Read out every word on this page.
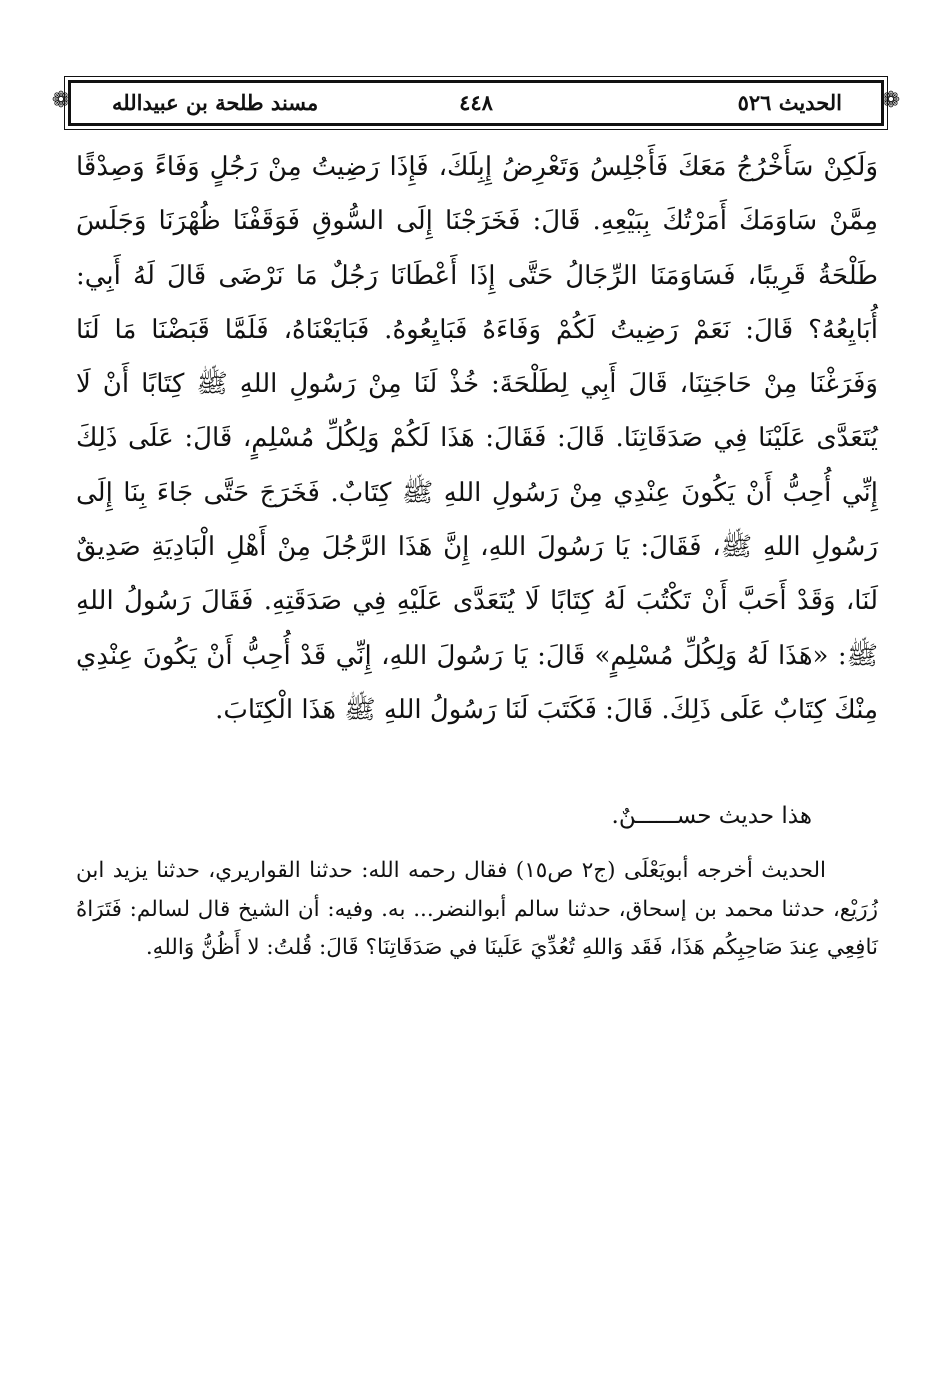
❁	❁
الحديث ٥٢٦
٤٤٨
مسند طلحة بن عبيدالله

وَلَكِنْ سَأَخْرُجُ مَعَكَ فَأَجْلِسُ وَتَعْرِضُ إِبِلَكَ، فَإِذَا رَضِيتُ مِنْ رَجُلٍ وَفَاءً وَصِدْقًا مِمَّنْ سَاوَمَكَ أَمَرْتُكَ بِبَيْعِهِ. قَالَ: فَخَرَجْنَا إِلَى السُّوقِ فَوَقَفْنَا ظُهْرَنَا وَجَلَسَ طَلْحَةُ قَرِيبًا، فَسَاوَمَنَا الرِّجَالُ حَتَّى إِذَا أَعْطَانَا رَجُلٌ مَا نَرْضَى قَالَ لَهُ أَبِي: أُبَايِعُهُ؟ قَالَ: نَعَمْ رَضِيتُ لَكُمْ وَفَاءَهُ فَبَايِعُوهُ. فَبَايَعْنَاهُ، فَلَمَّا قَبَضْنَا مَا لَنَا وَفَرَغْنَا مِنْ حَاجَتِنَا، قَالَ أَبِي لِطَلْحَةَ: خُذْ لَنَا مِنْ رَسُولِ اللهِ ﷺ كِتَابًا أَنْ لَا يُتَعَدَّى عَلَيْنَا فِي صَدَقَاتِنَا. قَالَ: فَقَالَ: هَذَا لَكُمْ وَلِكُلِّ مُسْلِمٍ، قَالَ: عَلَى ذَلِكَ إِنِّي أُحِبُّ أَنْ يَكُونَ عِنْدِي مِنْ رَسُولِ اللهِ ﷺ كِتَابٌ. فَخَرَجَ حَتَّى جَاءَ بِنَا إِلَى رَسُولِ اللهِ ﷺ، فَقَالَ: يَا رَسُولَ اللهِ، إِنَّ هَذَا الرَّجُلَ مِنْ أَهْلِ الْبَادِيَةِ صَدِيقٌ لَنَا، وَقَدْ أَحَبَّ أَنْ تَكْتُبَ لَهُ كِتَابًا لَا يُتَعَدَّى عَلَيْهِ فِي صَدَقَتِهِ. فَقَالَ رَسُولُ اللهِ ﷺ: «هَذَا لَهُ وَلِكُلِّ مُسْلِمٍ» قَالَ: يَا رَسُولَ اللهِ، إِنِّي قَدْ أُحِبُّ أَنْ يَكُونَ عِنْدِي مِنْكَ كِتَابٌ عَلَى ذَلِكَ. قَالَ: فَكَتَبَ لَنَا رَسُولُ اللهِ ﷺ هَذَا الْكِتَابَ.

هذا حديث حســــــنٌ.

الحديث أخرجه أبويَعْلَى (ج٢ ص١٥) فقال رحمه الله: حدثنا القواريري، حدثنا يزيد ابن زُرَيْع، حدثنا محمد بن إسحاق، حدثنا سالم أبوالنضر... به. وفيه: أن الشيخ قال لسالم: فَتَرَاهُ نَافِعِي عِندَ صَاحِبِكُم هَذَا، فَقَد وَاللهِ تُعُدِّيَ عَلَينَا في صَدَقَاتِنَا؟ قَالَ: قُلتُ: لا أَظُنُّ وَاللهِ.
